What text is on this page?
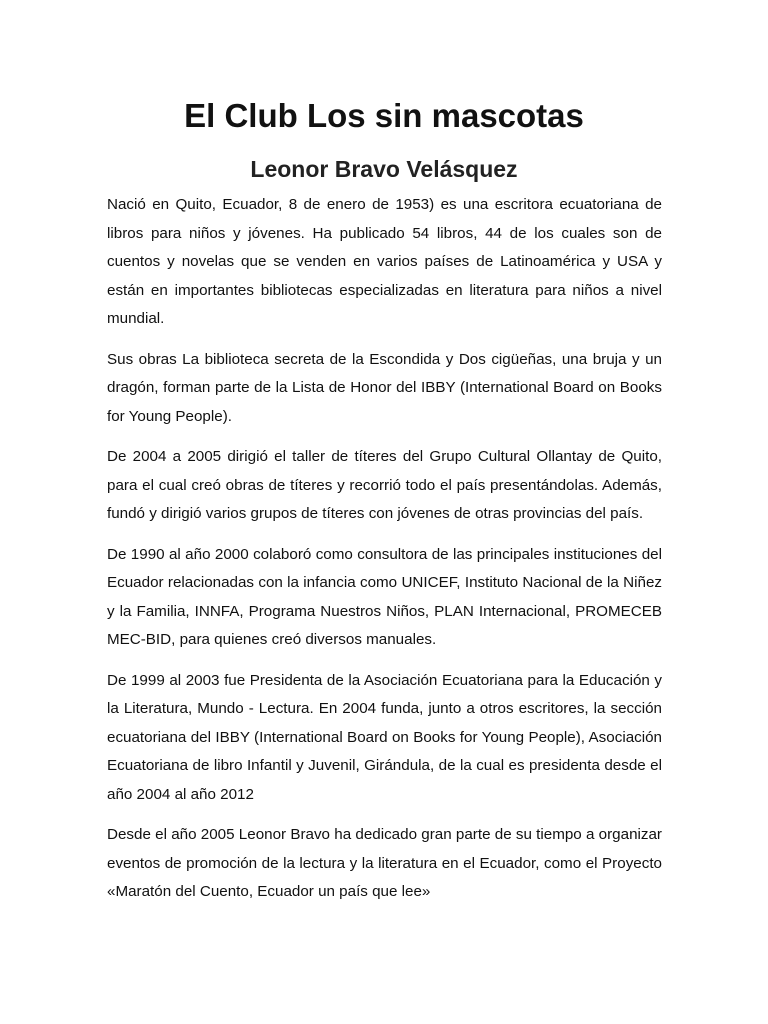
El Club Los sin mascotas
Leonor Bravo Velásquez

Nació en Quito, Ecuador, 8 de enero de 1953) es una escritora ecuatoriana de libros para niños y jóvenes. Ha publicado 54 libros, 44 de los cuales son de cuentos y novelas que se venden en varios países de Latinoamérica y USA y están en importantes bibliotecas especializadas en literatura para niños a nivel mundial.

Sus obras La biblioteca secreta de la Escondida y Dos cigüeñas, una bruja y un dragón, forman parte de la Lista de Honor del IBBY (International Board on Books for Young People).

De 2004 a 2005 dirigió el taller de títeres del Grupo Cultural Ollantay de Quito, para el cual creó obras de títeres y recorrió todo el país presentándolas. Además, fundó y dirigió varios grupos de títeres con jóvenes de otras provincias del país.

De 1990 al año 2000 colaboró como consultora de las principales instituciones del Ecuador relacionadas con la infancia como UNICEF, Instituto Nacional de la Niñez y la Familia, INNFA, Programa Nuestros Niños, PLAN Internacional, PROMECEB MEC-BID, para quienes creó diversos manuales.

De 1999 al 2003 fue Presidenta de la Asociación Ecuatoriana para la Educación y la Literatura, Mundo - Lectura. En 2004 funda, junto a otros escritores, la sección ecuatoriana del IBBY (International Board on Books for Young People), Asociación Ecuatoriana de libro Infantil y Juvenil, Girándula, de la cual es presidenta desde el año 2004 al año 2012

Desde el año 2005 Leonor Bravo ha dedicado gran parte de su tiempo a organizar eventos de promoción de la lectura y la literatura en el Ecuador, como el Proyecto «Maratón del Cuento, Ecuador un país que lee»
